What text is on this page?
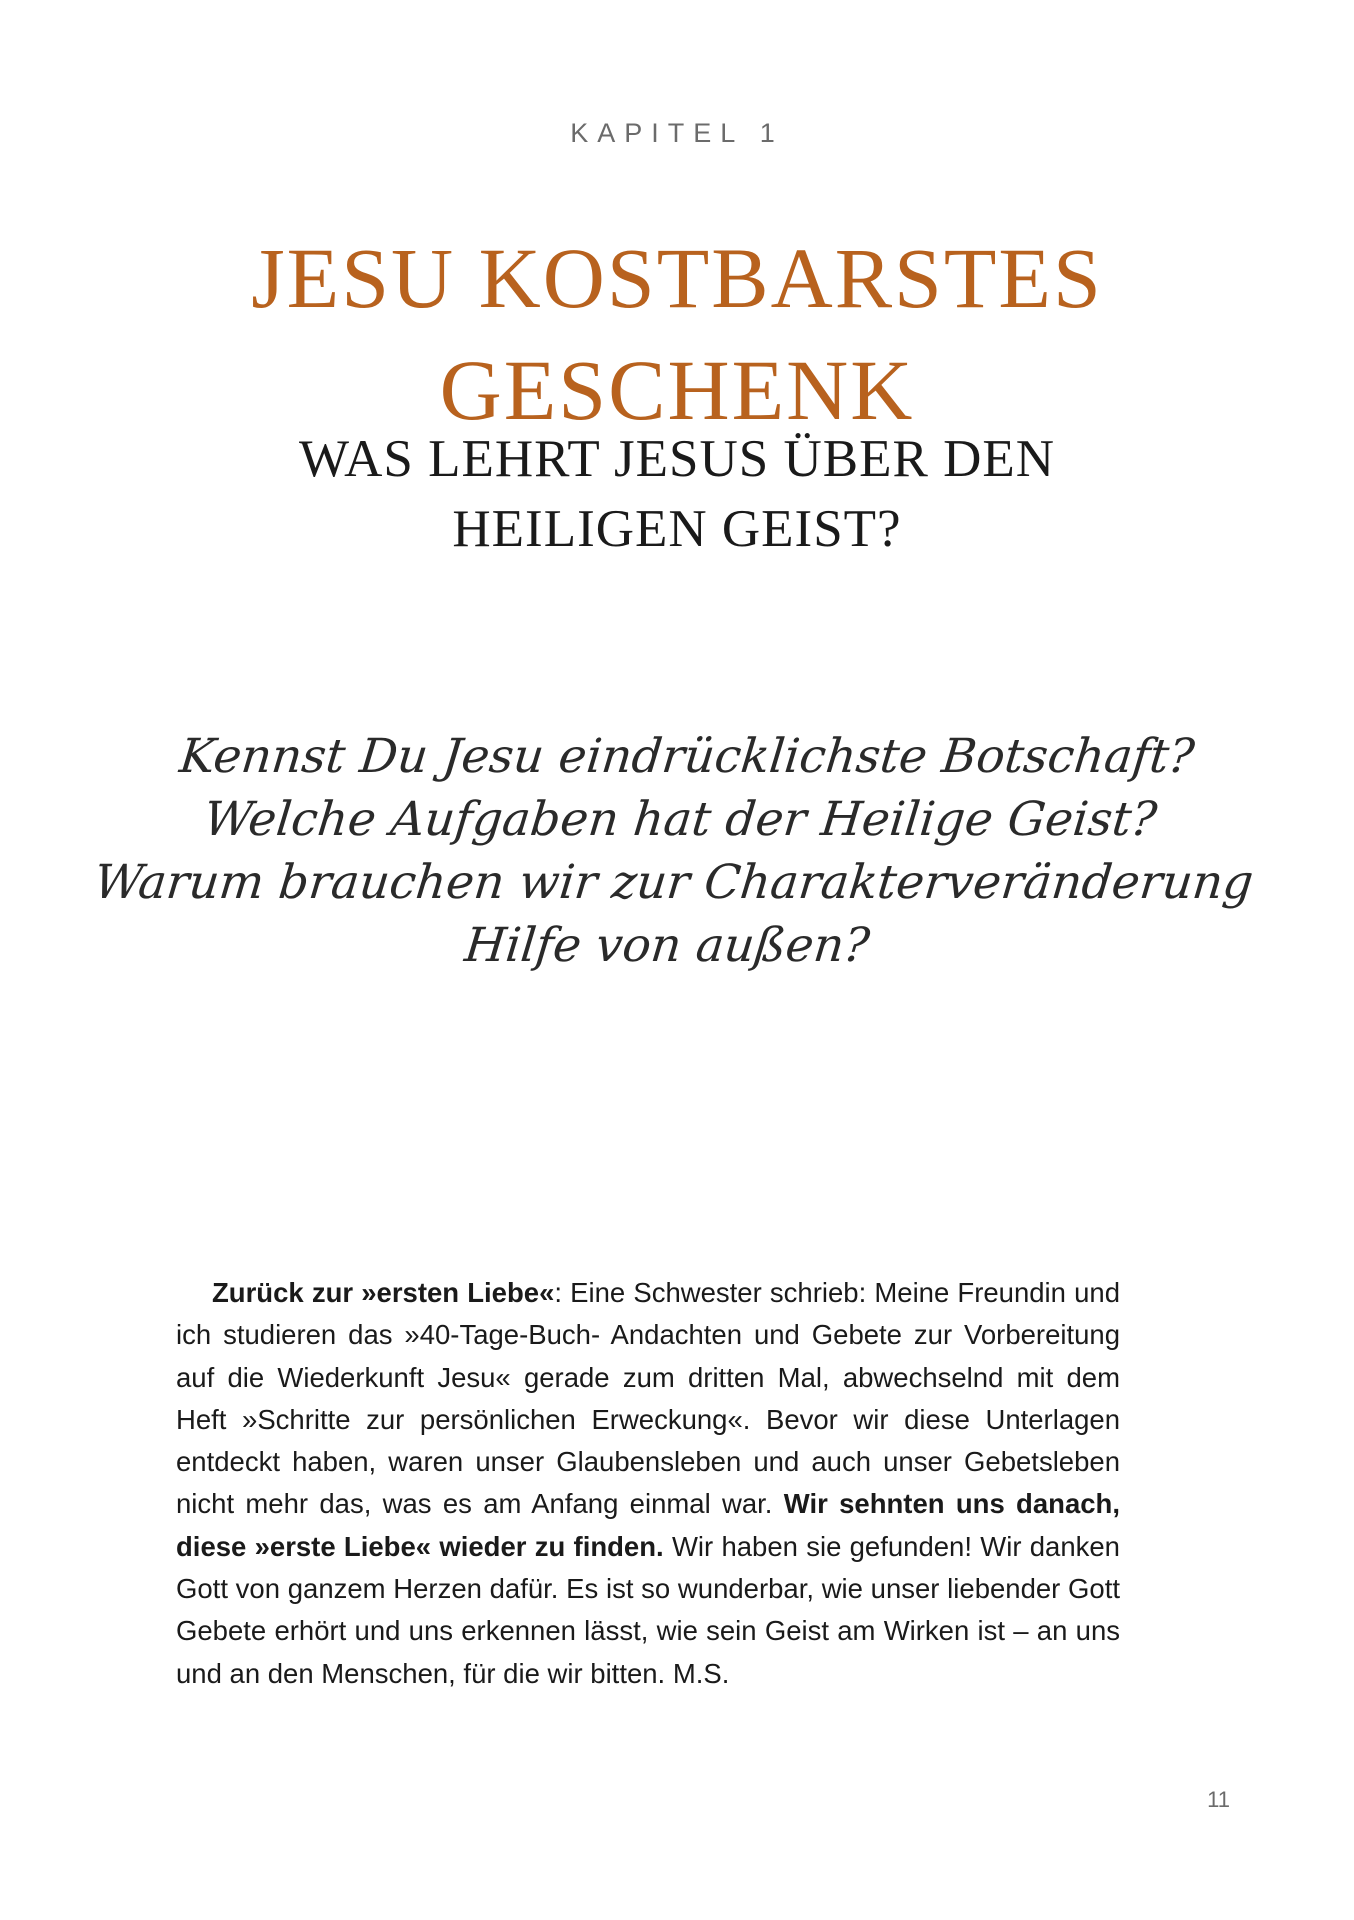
KAPITEL 1
JESU KOSTBARSTES
GESCHENK
WAS LEHRT JESUS ÜBER DEN
HEILIGEN GEIST?
Kennst Du Jesu eindrücklichste Botschaft?
Welche Aufgaben hat der Heilige Geist?
Warum brauchen wir zur Charakterveränderung
Hilfe von außen?

Zurück zur »ersten Liebe«: Eine Schwester schrieb: Meine Freundin und ich studieren das »40-Tage-Buch- Andachten und Gebete zur Vorbereitung auf die Wiederkunft Jesu« gerade zum dritten Mal, abwechselnd mit dem Heft »Schritte zur persönlichen Erweckung«. Bevor wir diese Unterlagen entdeckt haben, waren unser Glaubensleben und auch unser Gebetsleben nicht mehr das, was es am Anfang einmal war. Wir sehnten uns danach, diese »erste Liebe« wieder zu finden. Wir haben sie gefunden! Wir danken Gott von ganzem Herzen dafür. Es ist so wunderbar, wie unser liebender Gott Gebete erhört und uns erkennen lässt, wie sein Geist am Wirken ist – an uns und an den Menschen, für die wir bitten. M.S.

11
